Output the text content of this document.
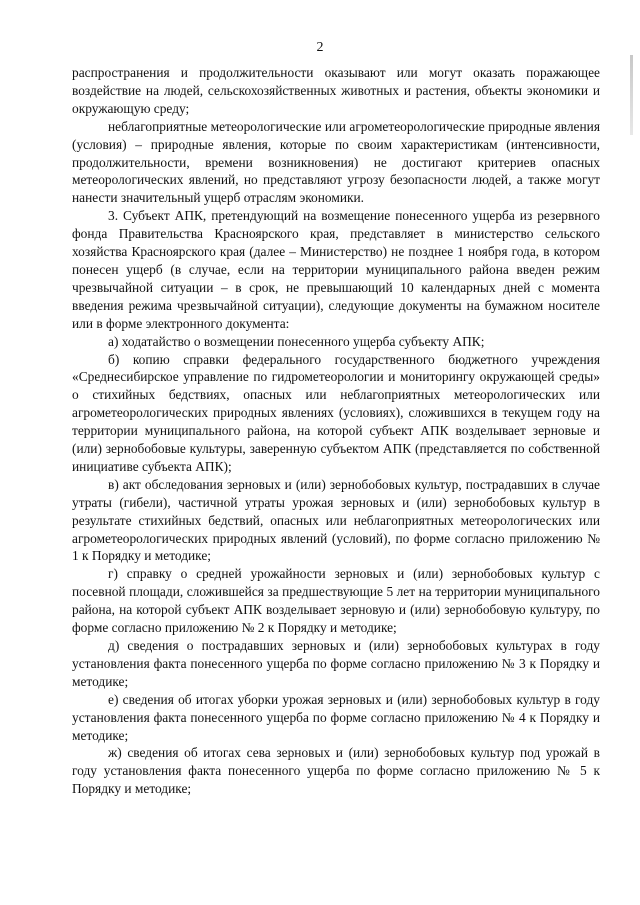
2

распространения и продолжительности оказывают или могут оказать поражающее воздействие на людей, сельскохозяйственных животных и растения, объекты экономики и окружающую среду;

неблагоприятные метеорологические или агрометеорологические природные явления (условия) – природные явления, которые по своим характеристикам (интенсивности, продолжительности, времени возникновения) не достигают критериев опасных метеорологических явлений, но представляют угрозу безопасности людей, а также могут нанести значительный ущерб отраслям экономики.

3. Субъект АПК, претендующий на возмещение понесенного ущерба из резервного фонда Правительства Красноярского края, представляет в министерство сельского хозяйства Красноярского края (далее – Министерство) не позднее 1 ноября года, в котором понесен ущерб (в случае, если на территории муниципального района введен режим чрезвычайной ситуации – в срок, не превышающий 10 календарных дней с момента введения режима чрезвычайной ситуации), следующие документы на бумажном носителе или в форме электронного документа:

а) ходатайство о возмещении понесенного ущерба субъекту АПК;

б) копию справки федерального государственного бюджетного учреждения «Среднесибирское управление по гидрометеорологии и мониторингу окружающей среды» о стихийных бедствиях, опасных или неблагоприятных метеорологических или агрометеорологических природных явлениях (условиях), сложившихся в текущем году на территории муниципального района, на которой субъект АПК возделывает зерновые и (или) зернобобовые культуры, заверенную субъектом АПК (представляется по собственной инициативе субъекта АПК);

в) акт обследования зерновых и (или) зернобобовых культур, пострадавших в случае утраты (гибели), частичной утраты урожая зерновых и (или) зернобобовых культур в результате стихийных бедствий, опасных или неблагоприятных метеорологических или агрометеорологических природных явлений (условий), по форме согласно приложению № 1 к Порядку и методике;

г) справку о средней урожайности зерновых и (или) зернобобовых культур с посевной площади, сложившейся за предшествующие 5 лет на территории муниципального района, на которой субъект АПК возделывает зерновую и (или) зернобобовую культуру, по форме согласно приложению № 2 к Порядку и методике;

д) сведения о пострадавших зерновых и (или) зернобобовых культурах в году установления факта понесенного ущерба по форме согласно приложению № 3 к Порядку и методике;

е) сведения об итогах уборки урожая зерновых и (или) зернобобовых культур в году установления факта понесенного ущерба по форме согласно приложению № 4 к Порядку и методике;

ж) сведения об итогах сева зерновых и (или) зернобобовых культур под урожай в году установления факта понесенного ущерба по форме согласно приложению № 5 к Порядку и методике;
